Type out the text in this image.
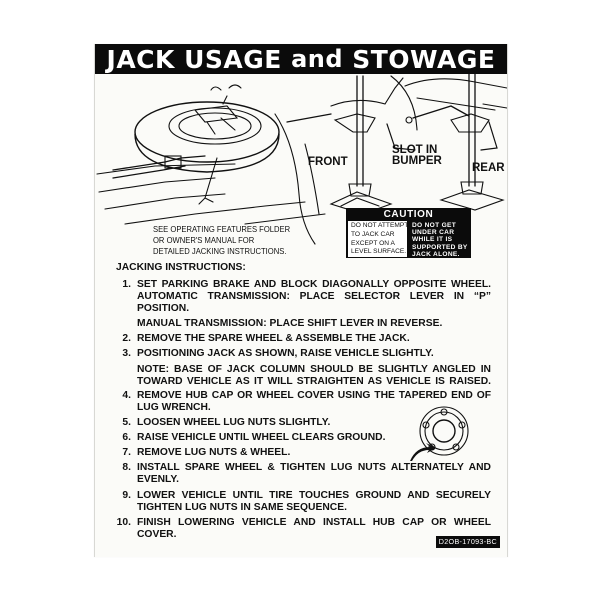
JACK USAGE
and
STOWAGE
FRONT
SLOT IN
BUMPER
REAR
SEE OPERATING FEATURES FOLDER
OR OWNER'S MANUAL FOR
DETAILED JACKING INSTRUCTIONS.
CAUTION
DO NOT ATTEMPT
TO JACK CAR
EXCEPT ON A
LEVEL SURFACE.
DO NOT GET
UNDER CAR
WHILE IT IS
SUPPORTED BY
JACK ALONE.
JACKING INSTRUCTIONS:
1. SET PARKING BRAKE AND BLOCK DIAGONALLY OPPOSITE WHEEL.
AUTOMATIC TRANSMISSION: PLACE SELECTOR LEVER IN “P”
POSITION.
MANUAL TRANSMISSION: PLACE SHIFT LEVER IN REVERSE.
2. REMOVE THE SPARE WHEEL & ASSEMBLE THE JACK.
3. POSITIONING JACK AS SHOWN, RAISE VEHICLE SLIGHTLY.
NOTE: BASE OF JACK COLUMN SHOULD BE SLIGHTLY ANGLED IN
TOWARD VEHICLE AS IT WILL STRAIGHTEN AS VEHICLE IS RAISED.
4. REMOVE HUB CAP OR WHEEL COVER USING THE TAPERED END OF
LUG WRENCH.
5. LOOSEN WHEEL LUG NUTS SLIGHTLY.
6. RAISE VEHICLE UNTIL WHEEL CLEARS GROUND.
7. REMOVE LUG NUTS & WHEEL.
8. INSTALL SPARE WHEEL & TIGHTEN LUG NUTS ALTERNATELY AND
EVENLY.
9. LOWER VEHICLE UNTIL TIRE TOUCHES GROUND AND SECURELY
TIGHTEN LUG NUTS IN SAME SEQUENCE.
10. FINISH LOWERING VEHICLE AND INSTALL HUB CAP OR WHEEL
COVER.
D2OB-17093-BC
